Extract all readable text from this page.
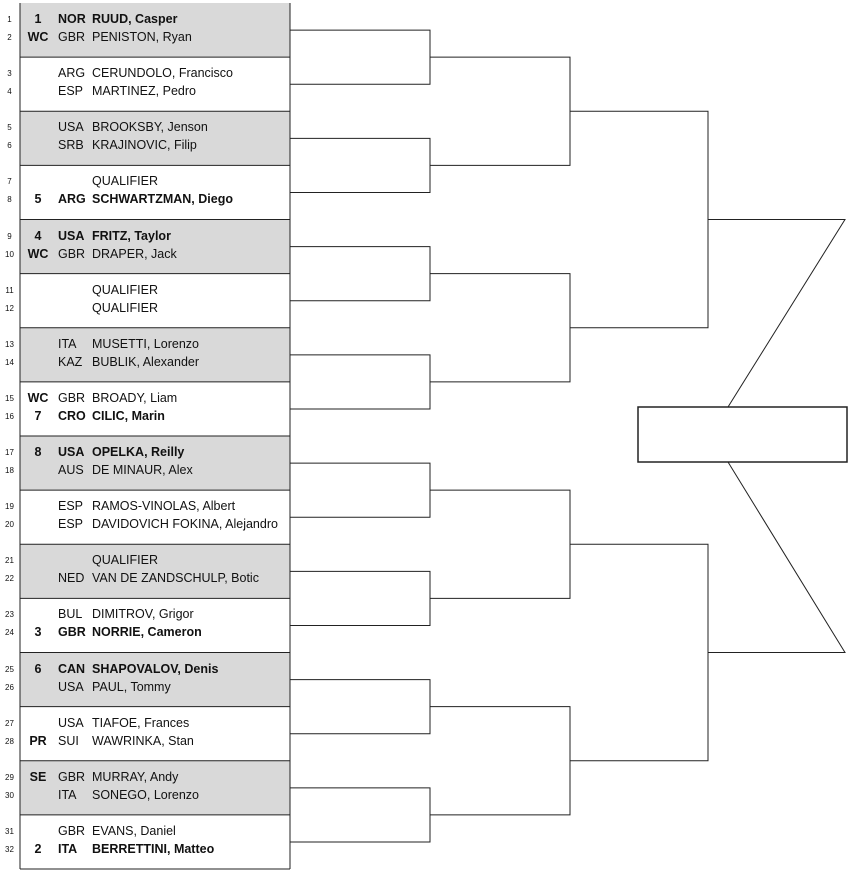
1	1	NOR RUUD, Casper
2	WC GBR PENISTON, Ryan
3	ARG CERUNDOLO, Francisco
4	ESP MARTINEZ, Pedro
5	USA BROOKSBY, Jenson
6	SRB KRAJINOVIC, Filip
7	QUALIFIER
8	5	ARG SCHWARTZMAN, Diego
9	4	USA FRITZ, Taylor
10	WC GBR DRAPER, Jack
11	QUALIFIER
12	QUALIFIER
13	ITA MUSETTI, Lorenzo
14	KAZ BUBLIK, Alexander
15	WC GBR BROADY, Liam
16	7	CRO CILIC, Marin
17	8	USA OPELKA, Reilly
18	AUS DE MINAUR, Alex
19	ESP RAMOS-VINOLAS, Albert
20	ESP DAVIDOVICH FOKINA, Alejandro
21	QUALIFIER
22	NED VAN DE ZANDSCHULP, Botic
23	BUL DIMITROV, Grigor
24	3	GBR NORRIE, Cameron
25	6	CAN SHAPOVALOV, Denis
26	USA PAUL, Tommy
27	USA TIAFOE, Frances
28	PR SUI WAWRINKA, Stan
29	SE GBR MURRAY, Andy
30	ITA SONEGO, Lorenzo
31	GBR EVANS, Daniel
32	2	ITA BERRETTINI, Matteo
